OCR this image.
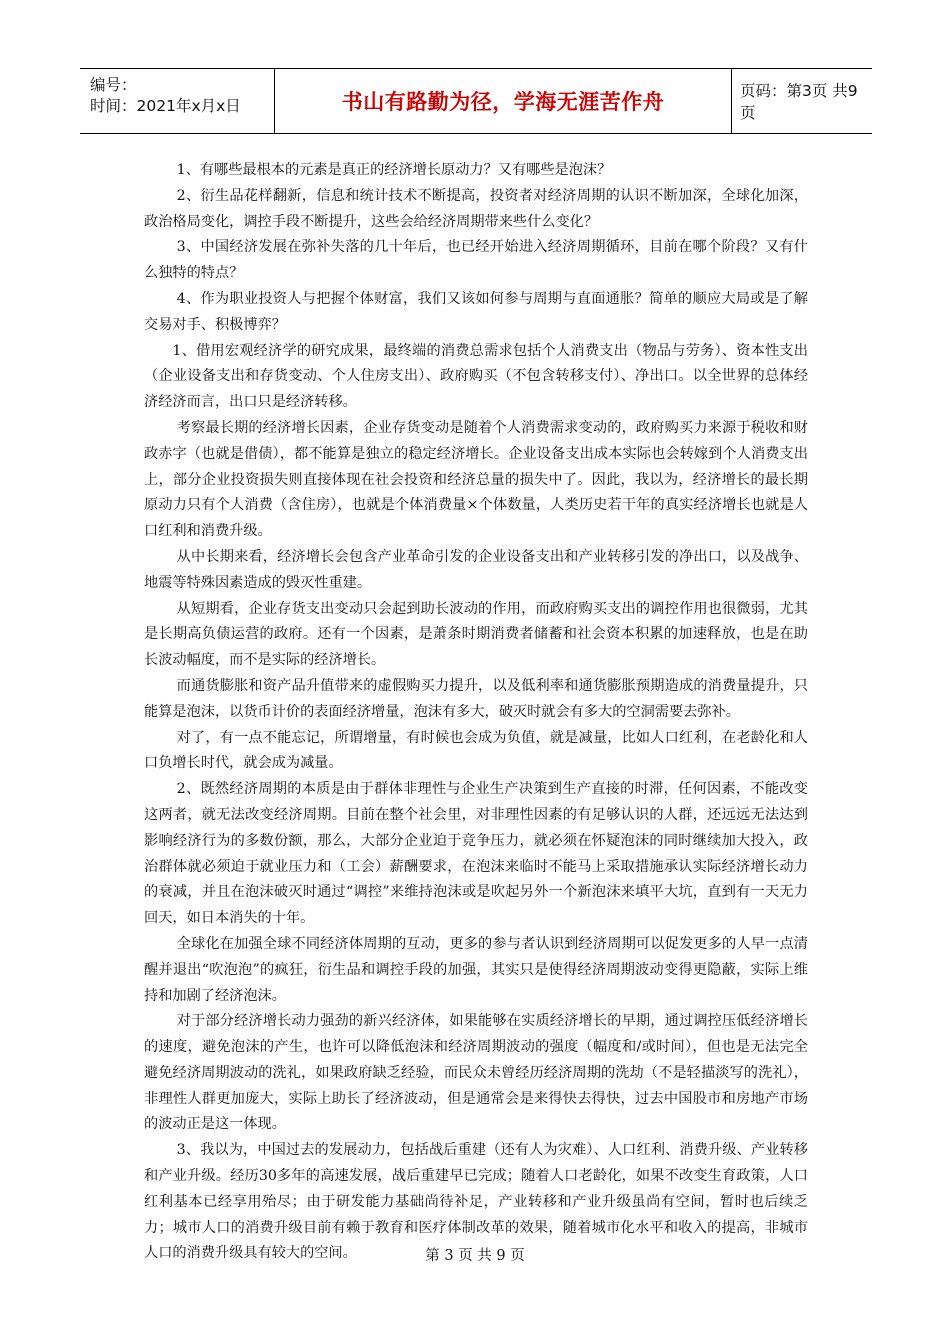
编号：
时间：2021年x月x日	书山有路勤为径，学海无涯苦作舟	页码：第3页 共9页

1、有哪些最根本的元素是真正的经济增长原动力？又有哪些是泡沫？

2、衍生品花样翻新，信息和统计技术不断提高，投资者对经济周期的认识不断加深，全球化加深，政治格局变化，调控手段不断提升，这些会给经济周期带来些什么变化？

3、中国经济发展在弥补失落的几十年后，也已经开始进入经济周期循环，目前在哪个阶段？又有什么独特的特点？

4、作为职业投资人与把握个体财富，我们又该如何参与周期与直面通胀？简单的顺应大局或是了解交易对手、积极博弈？

1、借用宏观经济学的研究成果，最终端的消费总需求包括个人消费支出（物品与劳务）、资本性支出（企业设备支出和存货变动、个人住房支出）、政府购买（不包含转移支付）、净出口。以全世界的总体经济经济而言，出口只是经济转移。

考察最长期的经济增长因素，企业存货变动是随着个人消费需求变动的，政府购买力来源于税收和财政赤字（也就是借债），都不能算是独立的稳定经济增长。企业设备支出成本实际也会转嫁到个人消费支出上，部分企业投资损失则直接体现在社会投资和经济总量的损失中了。因此，我以为，经济增长的最长期原动力只有个人消费（含住房），也就是个体消费量×个体数量，人类历史若干年的真实经济增长也就是人口红利和消费升级。

从中长期来看，经济增长会包含产业革命引发的企业设备支出和产业转移引发的净出口，以及战争、地震等特殊因素造成的毁灭性重建。

从短期看，企业存货支出变动只会起到助长波动的作用，而政府购买支出的调控作用也很微弱，尤其是长期高负债运营的政府。还有一个因素，是萧条时期消费者储蓄和社会资本积累的加速释放，也是在助长波动幅度，而不是实际的经济增长。

而通货膨胀和资产品升值带来的虚假购买力提升，以及低利率和通货膨胀预期造成的消费量提升，只能算是泡沫，以货币计价的表面经济增量，泡沫有多大，破灭时就会有多大的空洞需要去弥补。

对了，有一点不能忘记，所谓增量，有时候也会成为负值，就是减量，比如人口红利，在老龄化和人口负增长时代，就会成为减量。

2、既然经济周期的本质是由于群体非理性与企业生产决策到生产直接的时滞，任何因素，不能改变这两者，就无法改变经济周期。目前在整个社会里，对非理性因素的有足够认识的人群，还远远无法达到影响经济行为的多数份额，那么，大部分企业迫于竞争压力，就必须在怀疑泡沫的同时继续加大投入，政治群体就必须迫于就业压力和（工会）薪酬要求，在泡沫来临时不能马上采取措施承认实际经济增长动力的衰减，并且在泡沫破灭时通过“调控”来维持泡沫或是吹起另外一个新泡沫来填平大坑，直到有一天无力回天，如日本消失的十年。

全球化在加强全球不同经济体周期的互动，更多的参与者认识到经济周期可以促发更多的人早一点清醒并退出“吹泡泡”的疯狂，衍生品和调控手段的加强，其实只是使得经济周期波动变得更隐蔽，实际上维持和加剧了经济泡沫。

对于部分经济增长动力强劲的新兴经济体，如果能够在实质经济增长的早期，通过调控压低经济增长的速度，避免泡沫的产生，也许可以降低泡沫和经济周期波动的强度（幅度和/或时间），但也是无法完全避免经济周期波动的洗礼，如果政府缺乏经验，而民众未曾经历经济周期的洗劫（不是轻描淡写的洗礼），非理性人群更加庞大，实际上助长了经济波动，但是通常会是来得快去得快，过去中国股市和房地产市场的波动正是这一体现。

3、我以为，中国过去的发展动力，包括战后重建（还有人为灾难）、人口红利、消费升级、产业转移和产业升级。经历30多年的高速发展，战后重建早已完成；随着人口老龄化，如果不改变生育政策，人口红利基本已经享用殆尽；由于研发能力基础尚待补足，产业转移和产业升级虽尚有空间，暂时也后续乏力；城市人口的消费升级目前有赖于教育和医疗体制改革的效果，随着城市化水平和收入的提高，非城市人口的消费升级具有较大的空间。	第 3 页 共 9 页
